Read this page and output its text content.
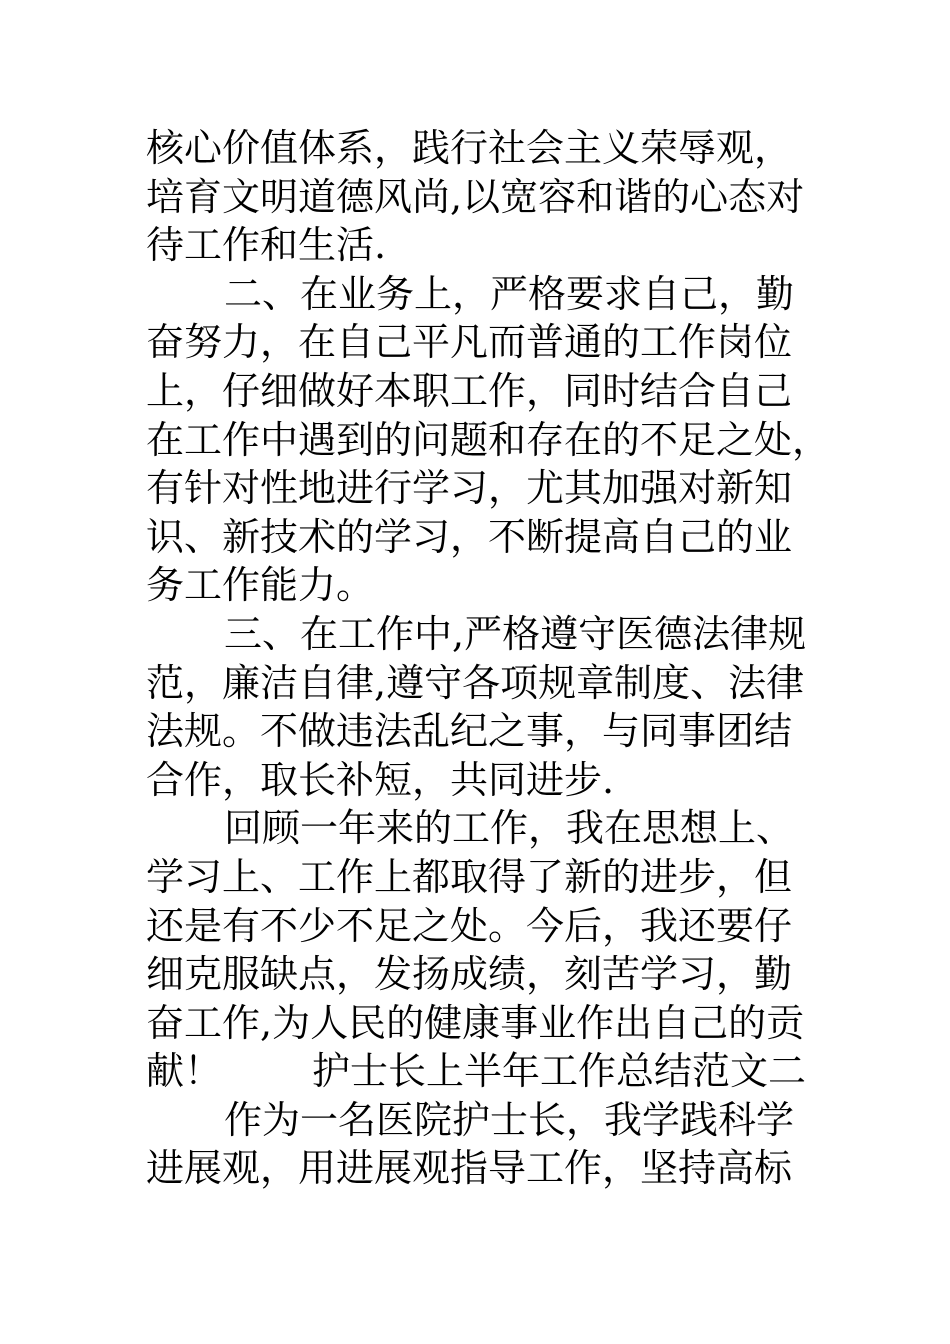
核心价值体系，践行社会主义荣辱观，
培育文明道德风尚,以宽容和谐的心态对
待工作和生活.
二、在业务上，严格要求自己，勤
奋努力，在自己平凡而普通的工作岗位
上，仔细做好本职工作，同时结合自己
在工作中遇到的问题和存在的不足之处，
有针对性地进行学习，尤其加强对新知
识、新技术的学习，不断提高自己的业
务工作能力。
三、在工作中,严格遵守医德法律规
范，廉洁自律,遵守各项规章制度、法律
法规。不做违法乱纪之事，与同事团结
合作，取长补短，共同进步.
回顾一年来的工作，我在思想上、
学习上、工作上都取得了新的进步，但
还是有不少不足之处。今后，我还要仔
细克服缺点，发扬成绩，刻苦学习，勤
奋工作,为人民的健康事业作出自己的贡
献！ 护士长上半年工作总结范文二
作为一名医院护士长，我学践科学
进展观，用进展观指导工作，坚持高标
